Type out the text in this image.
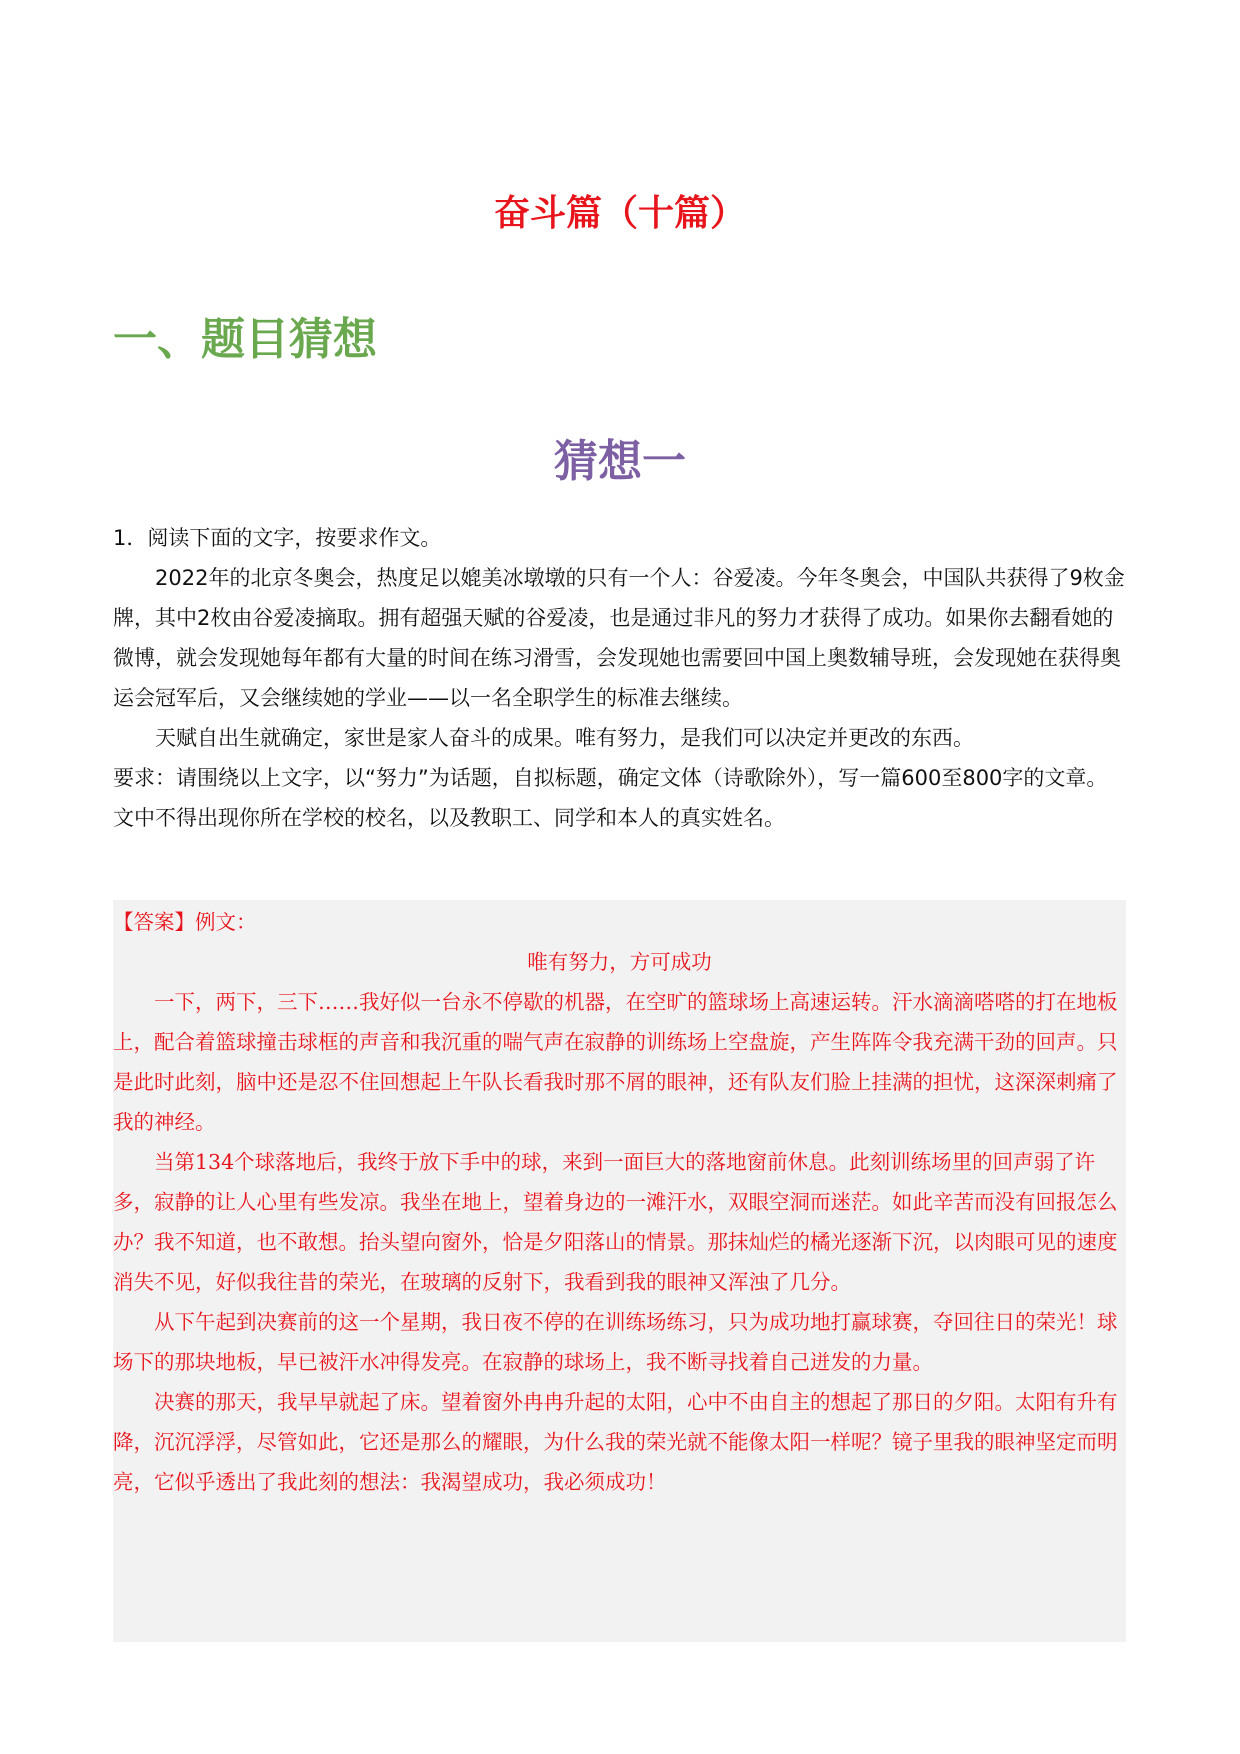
奋斗篇（十篇）
一、题目猜想
猜想一

1．阅读下面的文字，按要求作文。

2022年的北京冬奥会，热度足以媲美冰墩墩的只有一个人：谷爱凌。今年冬奥会，中国队共获得了9枚金牌，其中2枚由谷爱凌摘取。拥有超强天赋的谷爱凌，也是通过非凡的努力才获得了成功。如果你去翻看她的微博，就会发现她每年都有大量的时间在练习滑雪，会发现她也需要回中国上奥数辅导班，会发现她在获得奥运会冠军后，又会继续她的学业——以一名全职学生的标准去继续。

天赋自出生就确定，家世是家人奋斗的成果。唯有努力，是我们可以决定并更改的东西。

要求：请围绕以上文字，以“努力”为话题，自拟标题，确定文体（诗歌除外），写一篇600至800字的文章。文中不得出现你所在学校的校名，以及教职工、同学和本人的真实姓名。

【答案】例文：

唯有努力，方可成功

一下，两下，三下……我好似一台永不停歇的机器，在空旷的篮球场上高速运转。汗水滴滴嗒嗒的打在地板上，配合着篮球撞击球框的声音和我沉重的喘气声在寂静的训练场上空盘旋，产生阵阵令我充满干劲的回声。只是此时此刻，脑中还是忍不住回想起上午队长看我时那不屑的眼神，还有队友们脸上挂满的担忧，这深深刺痛了我的神经。

当第134个球落地后，我终于放下手中的球，来到一面巨大的落地窗前休息。此刻训练场里的回声弱了许多，寂静的让人心里有些发凉。我坐在地上，望着身边的一滩汗水，双眼空洞而迷茫。如此辛苦而没有回报怎么办？我不知道，也不敢想。抬头望向窗外，恰是夕阳落山的情景。那抹灿烂的橘光逐渐下沉，以肉眼可见的速度消失不见，好似我往昔的荣光，在玻璃的反射下，我看到我的眼神又浑浊了几分。

从下午起到决赛前的这一个星期，我日夜不停的在训练场练习，只为成功地打赢球赛，夺回往日的荣光！球场下的那块地板，早已被汗水冲得发亮。在寂静的球场上，我不断寻找着自己迸发的力量。

决赛的那天，我早早就起了床。望着窗外冉冉升起的太阳，心中不由自主的想起了那日的夕阳。太阳有升有降，沉沉浮浮，尽管如此，它还是那么的耀眼，为什么我的荣光就不能像太阳一样呢？镜子里我的眼神坚定而明亮，它似乎透出了我此刻的想法：我渴望成功，我必须成功！
